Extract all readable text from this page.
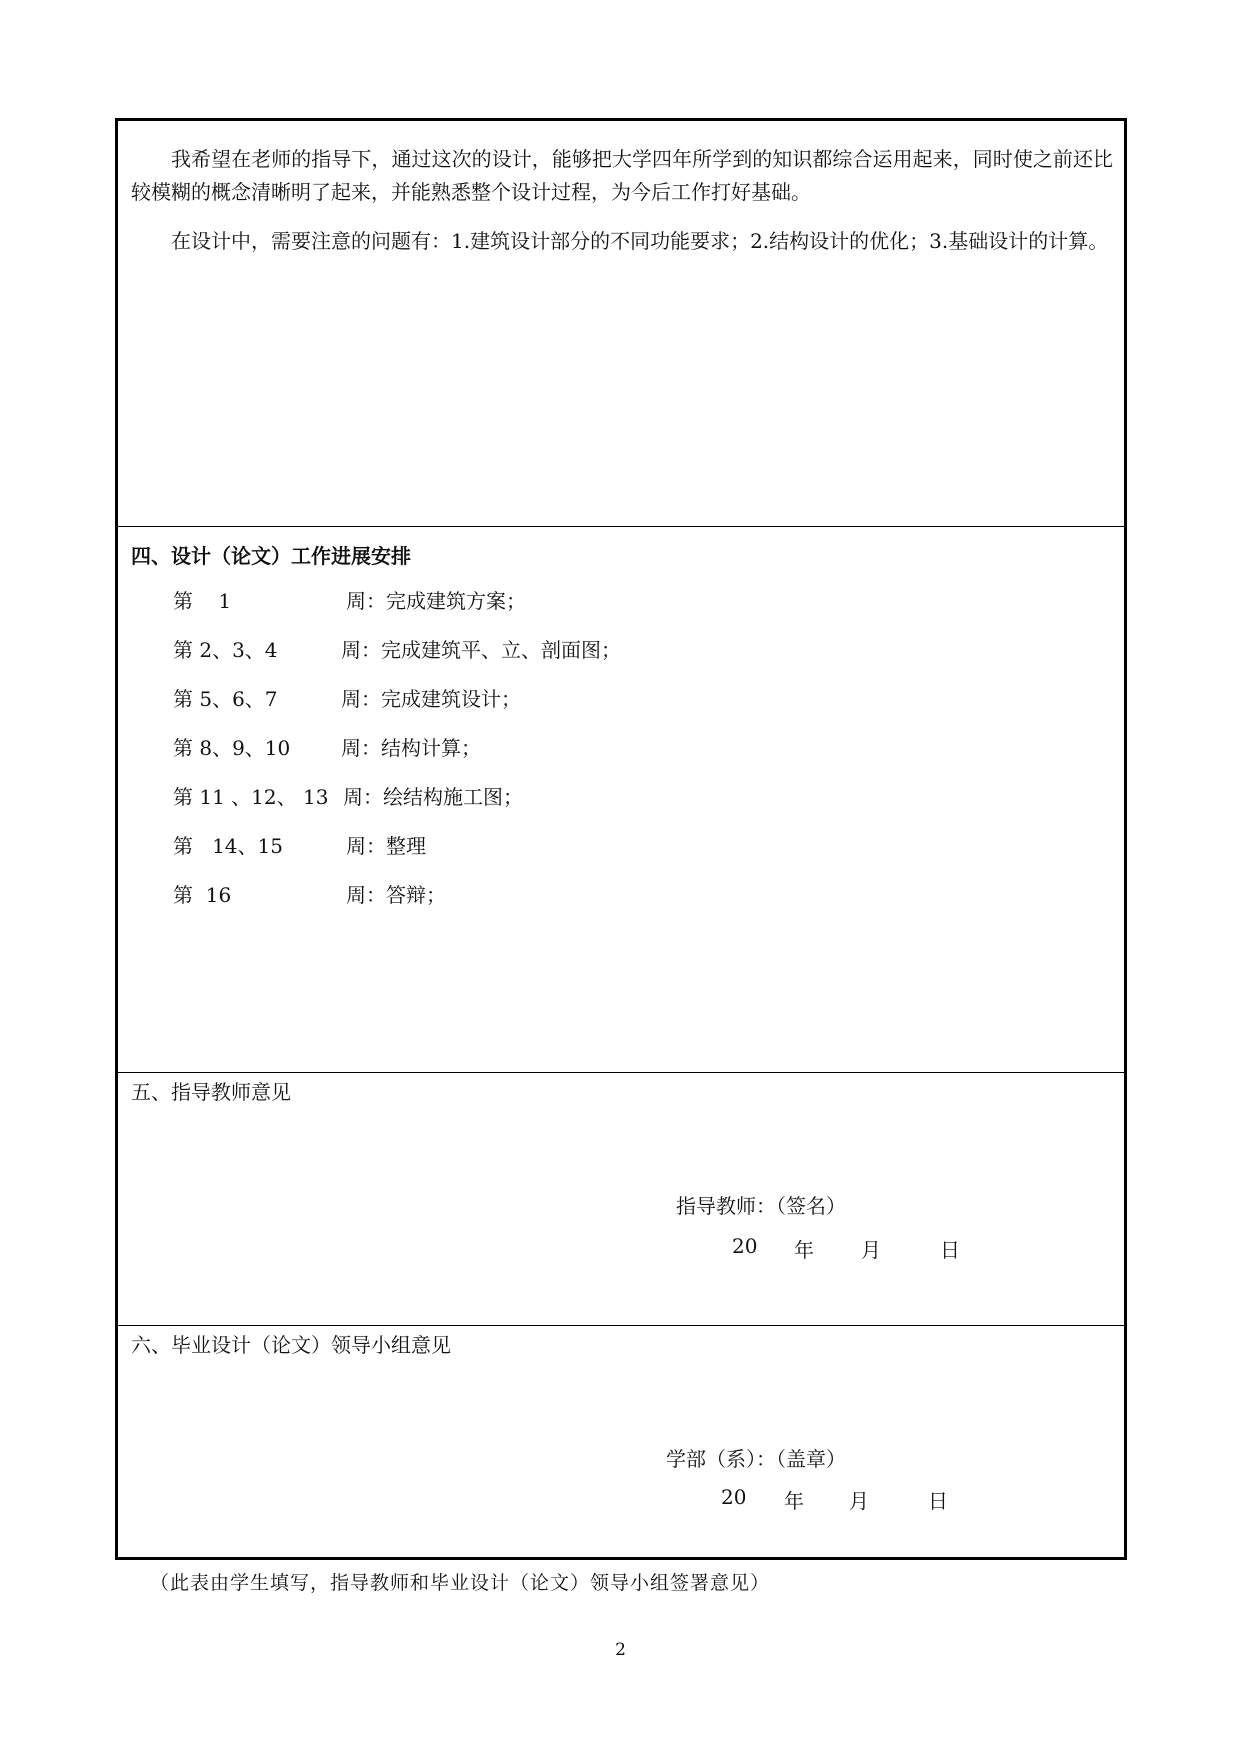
我希望在老师的指导下，通过这次的设计，能够把大学四年所学到的知识都综合运用起来，同时使之前还比较模糊的概念清晰明了起来，并能熟悉整个设计过程，为今后工作打好基础。

在设计中，需要注意的问题有：1.建筑设计部分的不同功能要求；2.结构设计的优化；3.基础设计的计算。

四、设计（论文）工作进展安排

第    1	周：完成建筑方案；
第 2、3、4	周：完成建筑平、立、剖面图；
第 5、6、7	周：完成建筑设计；
第 8、9、10	周：结构计算；
第 11 、12、 13 周：绘结构施工图；
第   14、15	周：整理
第  16	周：答辩；

五、指导教师意见

指导教师：（签名）
20 年 月	日

六、毕业设计（论文）领导小组意见

学部（系）：（盖章）
20 年 月	日
（此表由学生填写，指导教师和毕业设计（论文）领导小组签署意见）
2
